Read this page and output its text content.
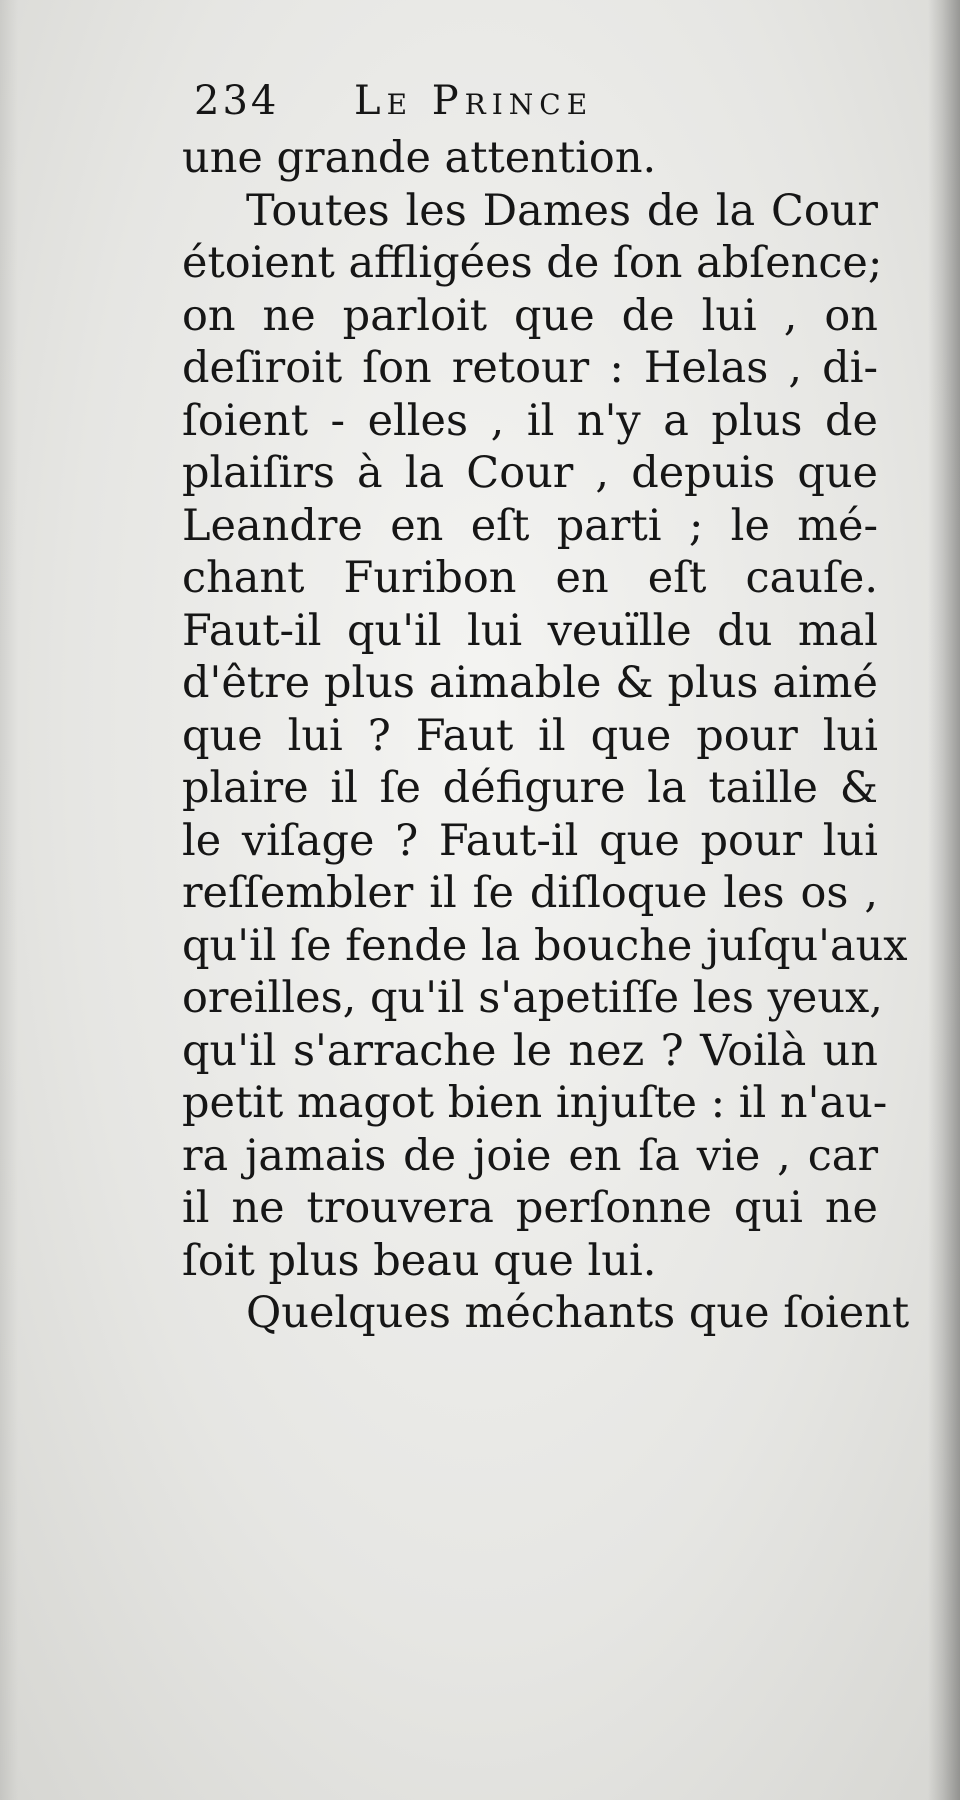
234 Le Prince
une grande attention.
Toutes les Dames de la Cour
étoient affligées de ſon abſence;
on ne parloit que de lui , on
deſiroit ſon retour : Helas , di-
ſoient - elles , il n'y a plus de
plaiſirs à la Cour , depuis que
Leandre en eſt parti ; le mé-
chant Furibon en eſt cauſe.
Faut-il qu'il lui veuïlle du mal
d'être plus aimable & plus aimé
que lui ? Faut il que pour lui
plaire il ſe défigure la taille &
le viſage ? Faut-il que pour lui
reſſembler il ſe diſloque les os ,
qu'il ſe fende la bouche juſqu'aux
oreilles, qu'il s'apetiſſe les yeux,
qu'il s'arrache le nez ? Voilà un
petit magot bien injuſte : il n'au-
ra jamais de joie en ſa vie , car
il ne trouvera perſonne qui ne
ſoit plus beau que lui.
Quelques méchants que ſoient
